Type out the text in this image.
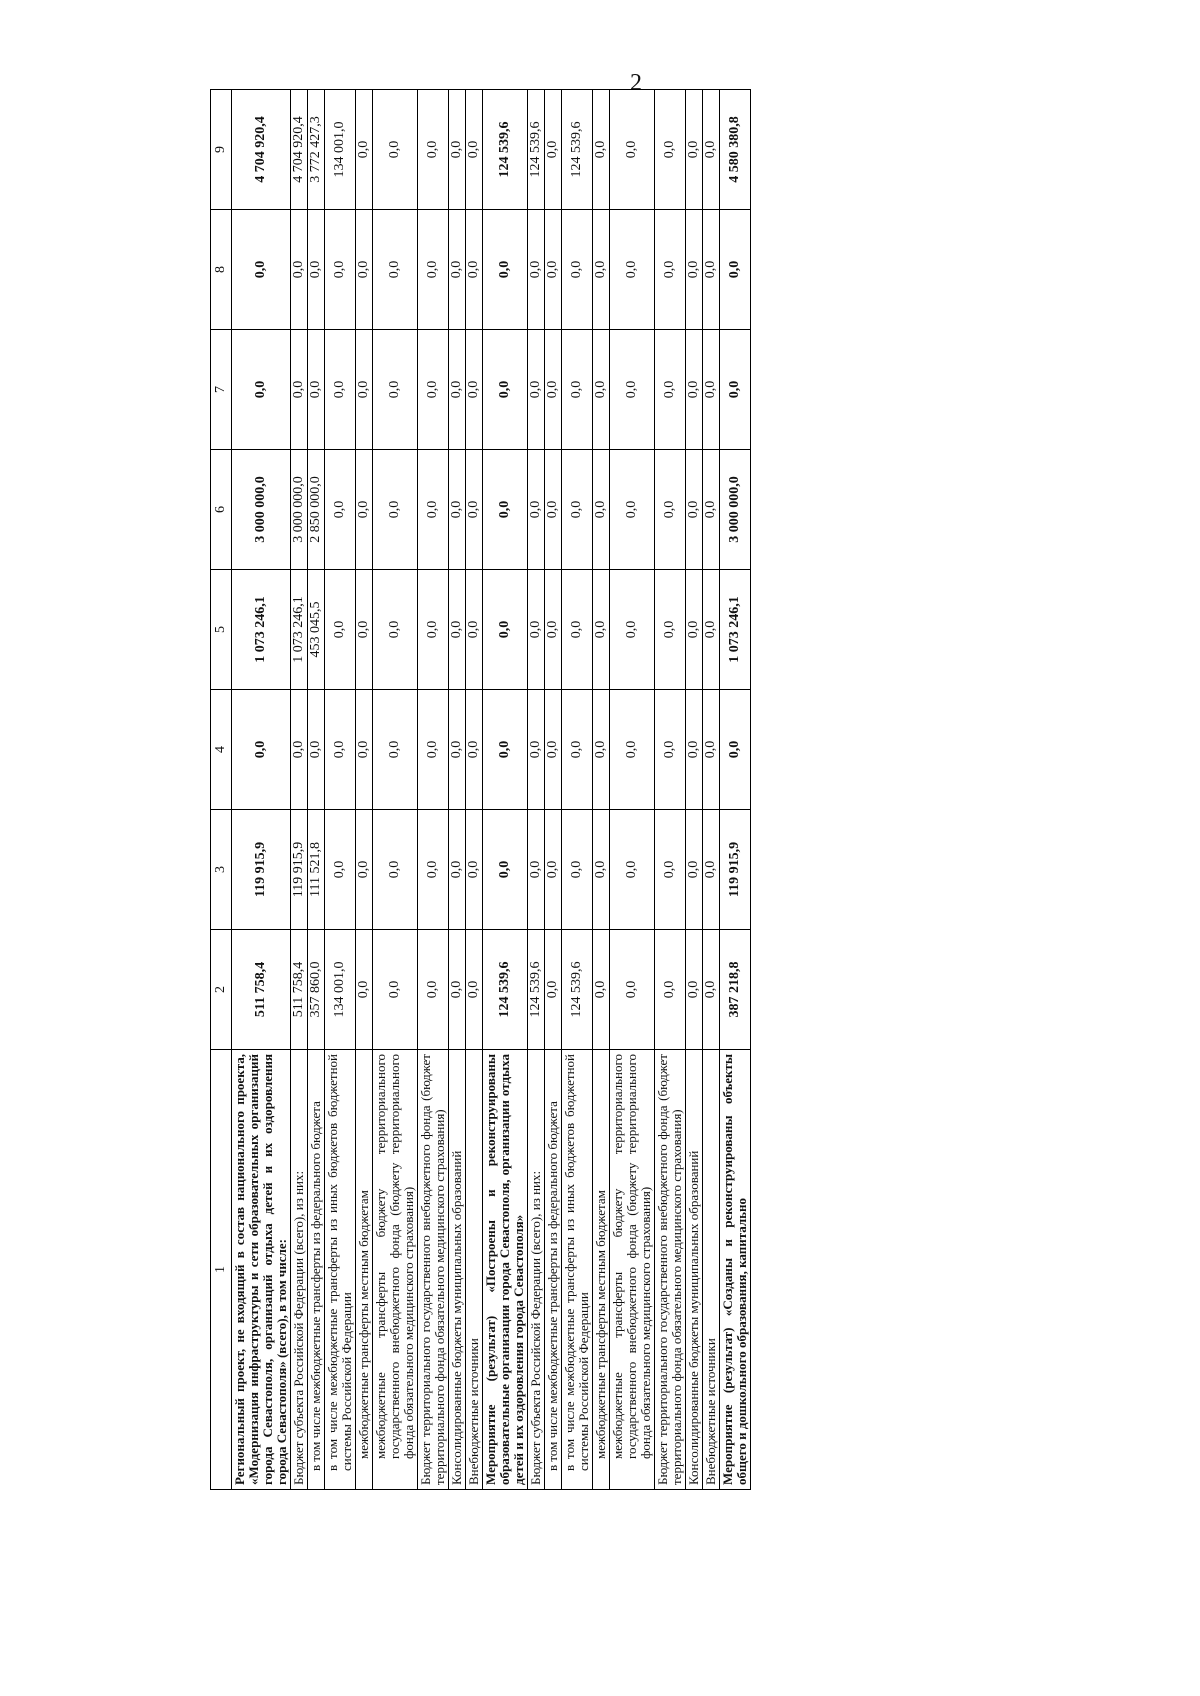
2
1	2	3	4	5	6	7	8	9
Региональный проект, не входящий в состав национального проекта, «Модернизация инфраструктуры и сети образовательных организаций города Севастополя, организаций отдыха детей и их оздоровления города Севастополя» (всего), в том числе:	511 758,4	119 915,9	0,0	1 073 246,1	3 000 000,0	0,0	0,0	4 704 920,4
Бюджет субъекта Российской Федерации (всего), из них:	511 758,4	119 915,9	0,0	1 073 246,1	3 000 000,0	0,0	0,0	4 704 920,4
в том числе межбюджетные трансферты из федерального бюджета	357 860,0	111 521,8	0,0	453 045,5	2 850 000,0	0,0	0,0	3 772 427,3
в том числе межбюджетные трансферты из иных бюджетов бюджетной системы Российской Федерации	134 001,0	0,0	0,0	0,0	0,0	0,0	0,0	134 001,0
межбюджетные трансферты местным бюджетам	0,0	0,0	0,0	0,0	0,0	0,0	0,0	0,0
межбюджетные трансферты бюджету территориального государственного внебюджетного фонда (бюджету территориального фонда обязательного медицинского страхования)	0,0	0,0	0,0	0,0	0,0	0,0	0,0	0,0
Бюджет территориального государственного внебюджетного фонда (бюджет территориального фонда обязательного медицинского страхования)	0,0	0,0	0,0	0,0	0,0	0,0	0,0	0,0
Консолидированные бюджеты муниципальных образований	0,0	0,0	0,0	0,0	0,0	0,0	0,0	0,0
Внебюджетные источники	0,0	0,0	0,0	0,0	0,0	0,0	0,0	0,0
Мероприятие (результат) «Построены и реконструированы образовательные организации города Севастополя, организации отдыха детей и их оздоровления города Севастополя»	124 539,6	0,0	0,0	0,0	0,0	0,0	0,0	124 539,6
Бюджет субъекта Российской Федерации (всего), из них:	124 539,6	0,0	0,0	0,0	0,0	0,0	0,0	124 539,6
в том числе межбюджетные трансферты из федерального бюджета	0,0	0,0	0,0	0,0	0,0	0,0	0,0	0,0
в том числе межбюджетные трансферты из иных бюджетов бюджетной системы Российской Федерации	124 539,6	0,0	0,0	0,0	0,0	0,0	0,0	124 539,6
межбюджетные трансферты местным бюджетам	0,0	0,0	0,0	0,0	0,0	0,0	0,0	0,0
межбюджетные трансферты бюджету территориального государственного внебюджетного фонда (бюджету территориального фонда обязательного медицинского страхования)	0,0	0,0	0,0	0,0	0,0	0,0	0,0	0,0
Бюджет территориального государственного внебюджетного фонда (бюджет территориального фонда обязательного медицинского страхования)	0,0	0,0	0,0	0,0	0,0	0,0	0,0	0,0
Консолидированные бюджеты муниципальных образований	0,0	0,0	0,0	0,0	0,0	0,0	0,0	0,0
Внебюджетные источники	0,0	0,0	0,0	0,0	0,0	0,0	0,0	0,0
Мероприятие (результат) «Созданы и реконструированы объекты общего и дошкольного образования, капитально	387 218,8	119 915,9	0,0	1 073 246,1	3 000 000,0	0,0	0,0	4 580 380,8
